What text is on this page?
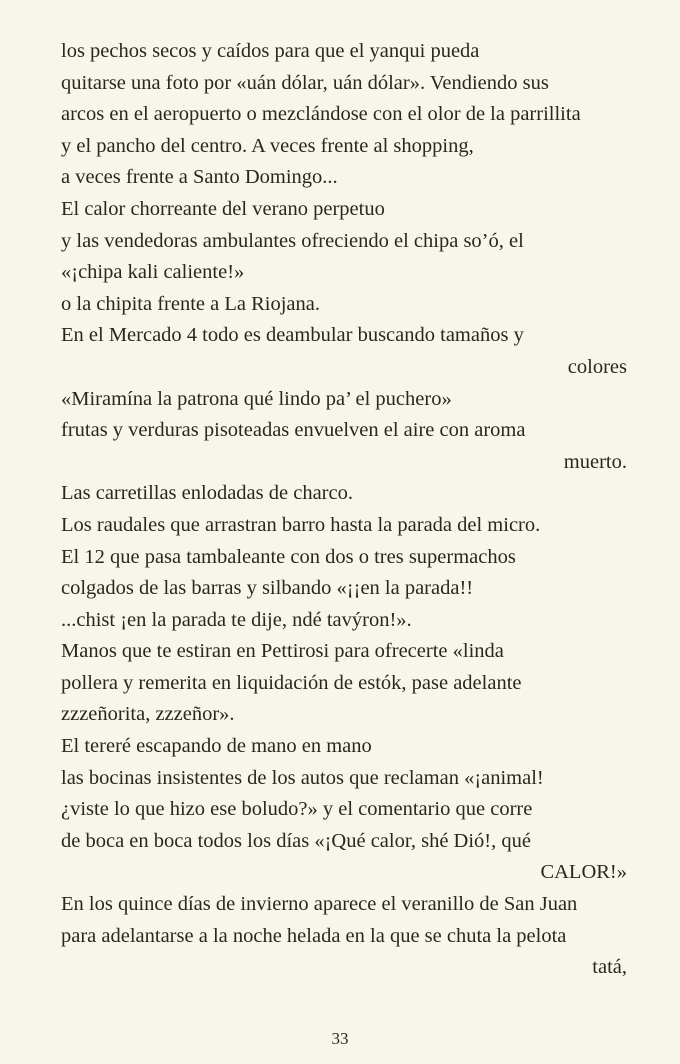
los pechos secos y caídos para que el yanqui pueda
quitarse una foto por «uán dólar, uán dólar». Vendiendo sus
arcos en el aeropuerto o mezclándose con el olor de la parrillita
y el pancho del centro. A veces frente al shopping,
a veces frente a Santo Domingo...
El calor chorreante del verano perpetuo
y las vendedoras ambulantes ofreciendo el chipa so’ó, el
«¡chipa kali caliente!»
o la chipita frente a La Riojana.
En el Mercado 4 todo es deambular buscando tamaños y
colores
«Miramína la patrona qué lindo pa’ el puchero»
frutas y verduras pisoteadas envuelven el aire con aroma
muerto.
Las carretillas enlodadas de charco.
Los raudales que arrastran barro hasta la parada del micro.
El 12 que pasa tambaleante con dos o tres supermachos
colgados de las barras y silbando «¡¡en la parada!!
...chist ¡en la parada te dije, ndé tavýron!».
Manos que te estiran en Pettirosi para ofrecerte «linda
pollera y remerita en liquidación de estók, pase adelante
zzzeñorita, zzzeñor».
El tereré escapando de mano en mano
las bocinas insistentes de los autos que reclaman «¡animal!
¿viste lo que hizo ese boludo?» y el comentario que corre
de boca en boca todos los días «¡Qué calor, shé Dió!, qué
CALOR!»
En los quince días de invierno aparece el veranillo de San Juan
para adelantarse a la noche helada en la que se chuta la pelota
tatá,
33
